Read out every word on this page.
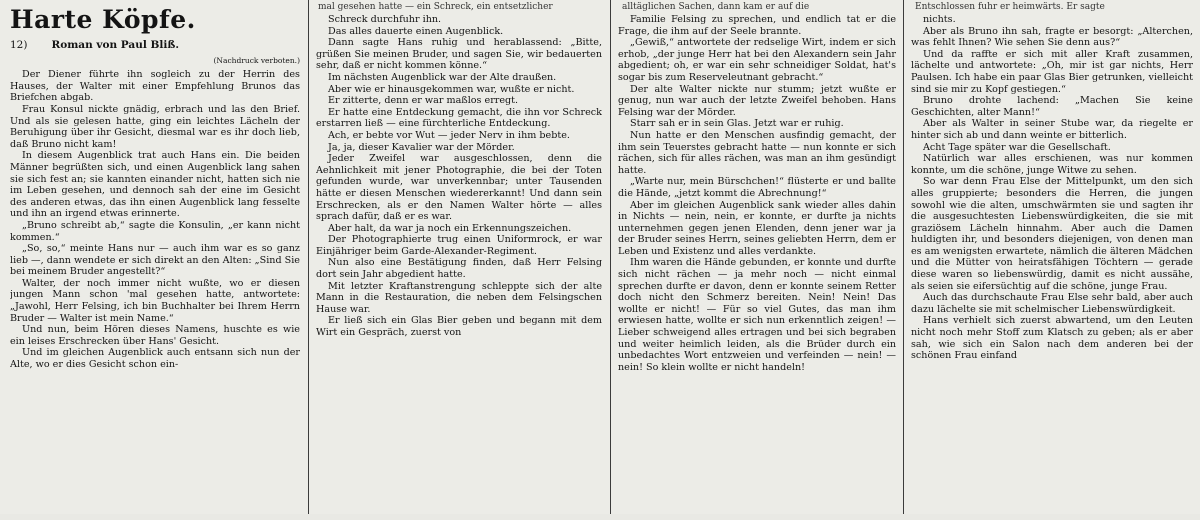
mal gesehen hatte — ein Schreck, ein entsetzlicher	alltäglichen Sachen, dann kam er auf die	Entschlossen fuhr er heimwärts. Er sagte
Harte Köpfe.
12) Roman von Paul Bliß.
(Nachdruck verboten.)

Der Diener führte ihn sogleich zu der Herrin des Hauses, der Walter mit einer Empfehlung Brunos das Briefchen abgab.

Frau Konsul nickte gnädig, erbrach und las den Brief. Und als sie gelesen hatte, ging ein leichtes Lächeln der Beruhigung über ihr Gesicht, diesmal war es ihr doch lieb, daß Bruno nicht kam!

In diesem Augenblick trat auch Hans ein. Die beiden Männer begrüßten sich, und einen Augenblick lang sahen sie sich fest an; sie kannten einander nicht, hatten sich nie im Leben gesehen, und dennoch sah der eine im Gesicht des anderen etwas, das ihn einen Augenblick lang fesselte und ihn an irgend etwas erinnerte.

„Bruno schreibt ab,“ sagte die Konsulin, „er kann nicht kommen.“

„So, so,“ meinte Hans nur — auch ihm war es so ganz lieb —, dann wendete er sich direkt an den Alten: „Sind Sie bei meinem Bruder angestellt?“

Walter, der noch immer nicht wußte, wo er diesen jungen Mann schon 'mal gesehen hatte, antwortete: „Jawohl, Herr Felsing, ich bin Buchhalter bei Ihrem Herrn Bruder — Walter ist mein Name.“

Und nun, beim Hören dieses Namens, huschte es wie ein leises Erschrecken über Hans' Gesicht.

Und im gleichen Augenblick auch entsann sich nun der Alte, wo er dies Gesicht schon ein-

Schreck durchfuhr ihn.

Das alles dauerte einen Augenblick.

Dann sagte Hans ruhig und herablassend: „Bitte, grüßen Sie meinen Bruder, und sagen Sie, wir bedauerten sehr, daß er nicht kommen könne.“

Im nächsten Augenblick war der Alte draußen.

Aber wie er hinausgekommen war, wußte er nicht.

Er zitterte, denn er war maßlos erregt.

Er hatte eine Entdeckung gemacht, die ihn vor Schreck erstarren ließ — eine fürchterliche Entdeckung.

Ach, er bebte vor Wut — jeder Nerv in ihm bebte.

Ja, ja, dieser Kavalier war der Mörder.

Jeder Zweifel war ausgeschlossen, denn die Aehnlichkeit mit jener Photographie, die bei der Toten gefunden wurde, war unverkennbar; unter Tausenden hätte er diesen Menschen wiedererkannt! Und dann sein Erschrecken, als er den Namen Walter hörte — alles sprach dafür, daß er es war.

Aber halt, da war ja noch ein Erkennungszeichen.

Der Photographierte trug einen Uniformrock, er war Einjähriger beim Garde-Alexander-Regiment.

Nun also eine Bestätigung finden, daß Herr Felsing dort sein Jahr abgedient hatte.

Mit letzter Kraftanstrengung schleppte sich der alte Mann in die Restauration, die neben dem Felsingschen Hause war.

Er ließ sich ein Glas Bier geben und begann mit dem Wirt ein Gespräch, zuerst von

Familie Felsing zu sprechen, und endlich tat er die Frage, die ihm auf der Seele brannte.

„Gewiß,“ antwortete der redselige Wirt, indem er sich erhob, „der junge Herr hat bei den Alexandern sein Jahr abgedient; oh, er war ein sehr schneidiger Soldat, hat's sogar bis zum Reserveleutnant gebracht.“

Der alte Walter nickte nur stumm; jetzt wußte er genug, nun war auch der letzte Zweifel behoben. Hans Felsing war der Mörder.

Starr sah er in sein Glas. Jetzt war er ruhig.

Nun hatte er den Menschen ausfindig gemacht, der ihm sein Teuerstes gebracht hatte — nun konnte er sich rächen, sich für alles rächen, was man an ihm gesündigt hatte.

„Warte nur, mein Bürschchen!“ flüsterte er und ballte die Hände, „jetzt kommt die Abrechnung!“

Aber im gleichen Augenblick sank wieder alles dahin in Nichts — nein, nein, er konnte, er durfte ja nichts unternehmen gegen jenen Elenden, denn jener war ja der Bruder seines Herrn, seines geliebten Herrn, dem er Leben und Existenz und alles verdankte.

Ihm waren die Hände gebunden, er konnte und durfte sich nicht rächen — ja mehr noch — nicht einmal sprechen durfte er davon, denn er konnte seinem Retter doch nicht den Schmerz bereiten. Nein! Nein! Das wollte er nicht! — Für so viel Gutes, das man ihm erwiesen hatte, wollte er sich nun erkenntlich zeigen! — Lieber schweigend alles ertragen und bei sich begraben und weiter heimlich leiden, als die Brüder durch ein unbedachtes Wort entzweien und verfeinden — nein! — nein! So klein wollte er nicht handeln!

nichts.

Aber als Bruno ihn sah, fragte er besorgt: „Alterchen, was fehlt Ihnen? Wie sehen Sie denn aus?“

Und da raffte er sich mit aller Kraft zusammen, lächelte und antwortete: „Oh, mir ist gar nichts, Herr Paulsen. Ich habe ein paar Glas Bier getrunken, vielleicht sind sie mir zu Kopf gestiegen.“

Bruno drohte lachend: „Machen Sie keine Geschichten, alter Mann!“

Aber als Walter in seiner Stube war, da riegelte er hinter sich ab und dann weinte er bitterlich.

Acht Tage später war die Gesellschaft.

Natürlich war alles erschienen, was nur kommen konnte, um die schöne, junge Witwe zu sehen.

So war denn Frau Else der Mittelpunkt, um den sich alles gruppierte; besonders die Herren, die jungen sowohl wie die alten, umschwärmten sie und sagten ihr die ausgesuchtesten Liebenswürdigkeiten, die sie mit graziösem Lächeln hinnahm. Aber auch die Damen huldigten ihr, und besonders diejenigen, von denen man es am wenigsten erwartete, nämlich die älteren Mädchen und die Mütter von heiratsfähigen Töchtern — gerade diese waren so liebenswürdig, damit es nicht aussähe, als seien sie eifersüchtig auf die schöne, junge Frau.

Auch das durchschaute Frau Else sehr bald, aber auch dazu lächelte sie mit schelmischer Liebenswürdigkeit.

Hans verhielt sich zuerst abwartend, um den Leuten nicht noch mehr Stoff zum Klatsch zu geben; als er aber sah, wie sich ein Salon nach dem anderen bei der schönen Frau einfand
